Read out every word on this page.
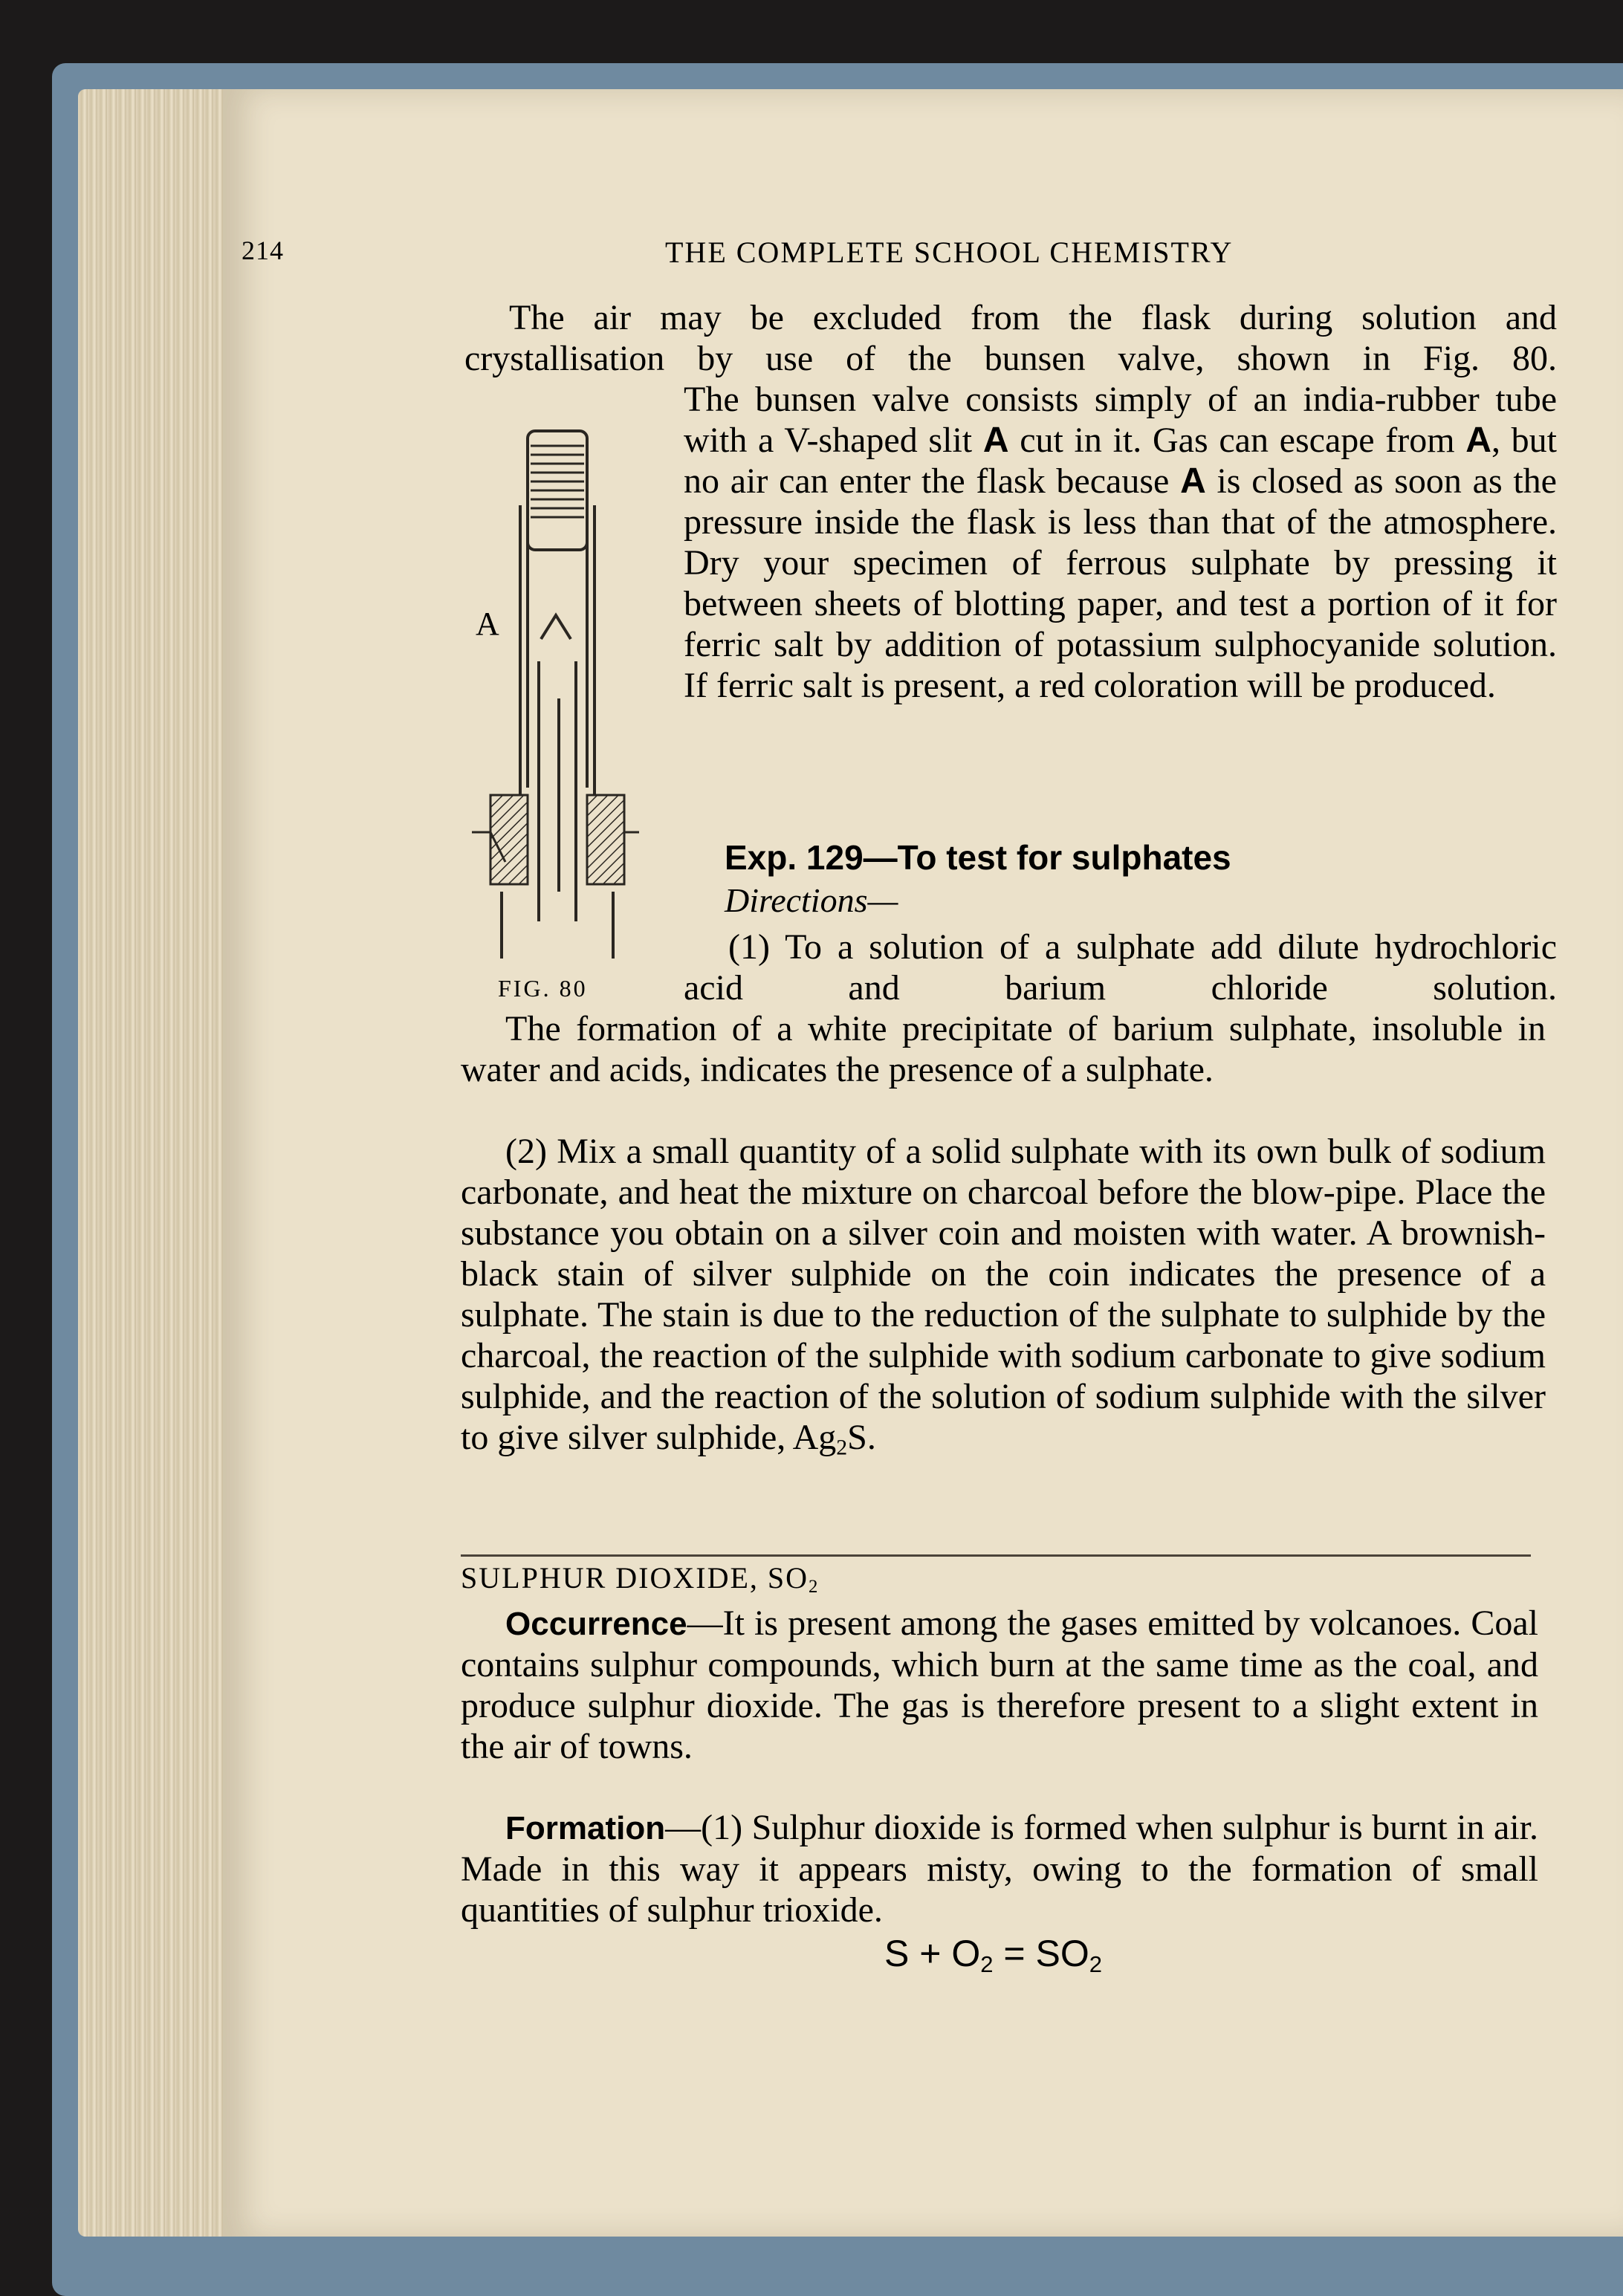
214	THE COMPLETE SCHOOL CHEMISTRY

The air may be excluded from the flask during solution and crystallisation by use of the bunsen valve, shown in Fig. 80.

The bunsen valve consists simply of an india-rubber tube with a V-shaped slit A cut in it. Gas can escape from A, but no air can enter the flask because A is closed as soon as the pressure inside the flask is less than that of the atmosphere. Dry your specimen of ferrous sulphate by pressing it between sheets of blotting paper, and test a portion of it for ferric salt by addition of potassium sulphocyanide solution. If ferric salt is present, a red coloration will be produced.

A
FIG. 80
Exp. 129—To test for sulphates
Directions—

(1) To a solution of a sulphate add dilute hydrochloric acid and barium chloride solution.

The formation of a white precipitate of barium sulphate, insoluble in water and acids, indicates the presence of a sulphate.

(2) Mix a small quantity of a solid sulphate with its own bulk of sodium carbonate, and heat the mixture on charcoal before the blow-pipe. Place the substance you obtain on a silver coin and moisten with water. A brownish-black stain of silver sulphide on the coin indicates the presence of a sulphate. The stain is due to the reduction of the sulphate to sulphide by the charcoal, the reaction of the sulphide with sodium carbonate to give sodium sulphide, and the reaction of the solution of sodium sulphide with the silver to give silver sulphide, $Ag_2S$.

SULPHUR DIOXIDE, $SO_2$

Occurrence—It is present among the gases emitted by volcanoes. Coal contains sulphur compounds, which burn at the same time as the coal, and produce sulphur dioxide. The gas is therefore present to a slight extent in the air of towns.

Formation—(1) Sulphur dioxide is formed when sulphur is burnt in air. Made in this way it appears misty, owing to the formation of small quantities of sulphur trioxide.

$S + O_2 = SO_2$
